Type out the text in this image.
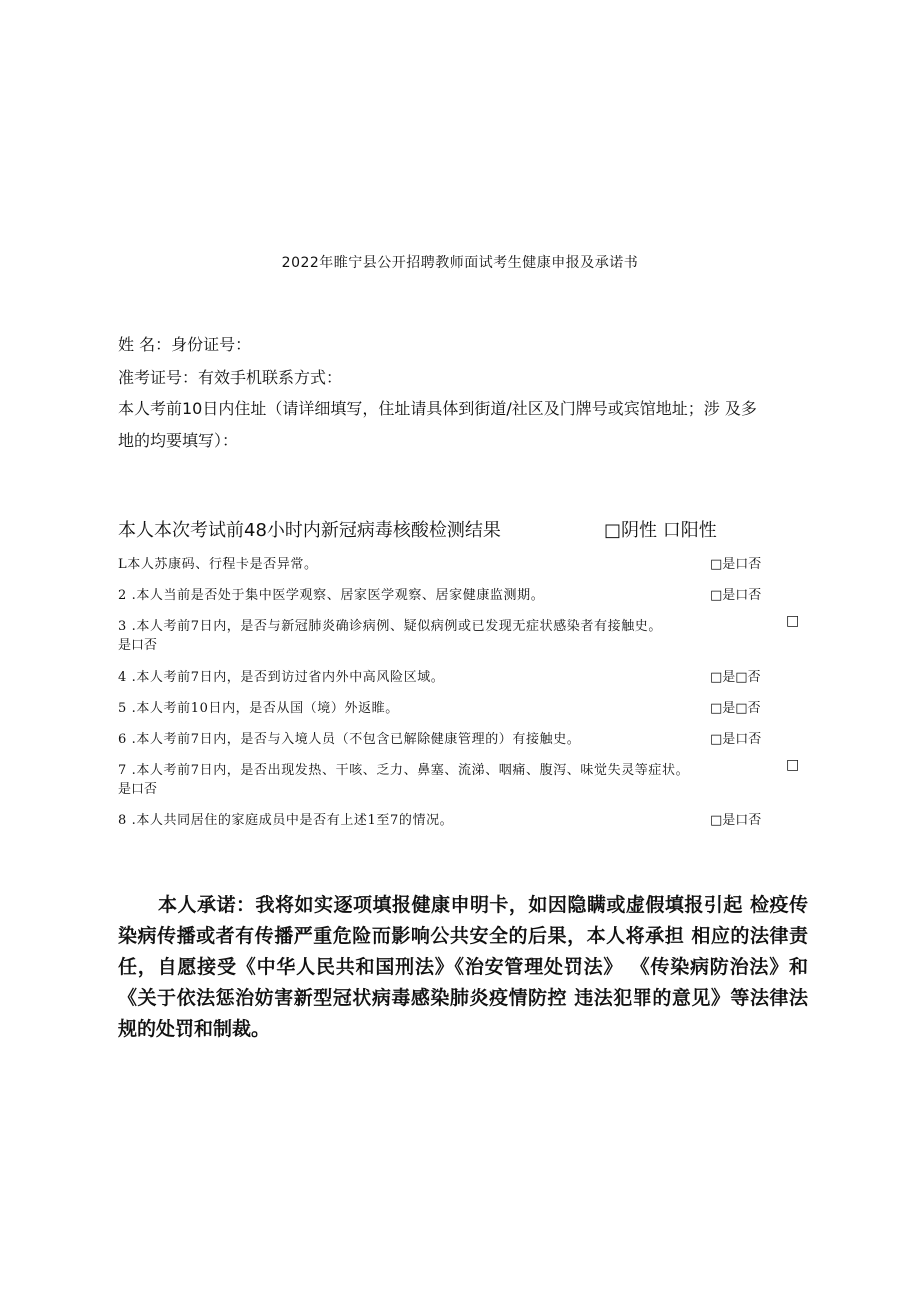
2022年睢宁县公开招聘教师面试考生健康申报及承诺书
姓 名：身份证号：
准考证号：有效手机联系方式：
本人考前10日内住址（请详细填写，住址请具体到街道/社区及门牌号或宾馆地址；涉 及多
地的均要填写）：
本人本次考试前48小时内新冠病毒核酸检测结果	□阴性 口阳性
L本人苏康码、行程卡是否异常。	□是口否
2 .本人当前是否处于集中医学观察、居家医学观察、居家健康监测期。	□是口否
3 .本人考前7日内，是否与新冠肺炎确诊病例、疑似病例或已发现无症状感染者有接触史。	□
是口否
4 .本人考前7日内，是否到访过省内外中高风险区域。	□是□否
5 .本人考前10日内，是否从国（境）外返睢。	□是□否
6 .本人考前7日内，是否与入境人员（不包含已解除健康管理的）有接触史。	□是口否
7 .本人考前7日内，是否出现发热、干咳、乏力、鼻塞、流涕、咽痛、腹泻、味觉失灵等症状。	□
是口否
8 .本人共同居住的家庭成员中是否有上述1至7的情况。	□是口否
本人承诺：我将如实逐项填报健康申明卡，如因隐瞒或虚假填报引起 检疫传染病传播或者有传播严重危险而影响公共安全的后果，本人将承担 相应的法律责任，自愿接受《中华人民共和国刑法》《治安管理处罚法》 《传染病防治法》和《关于依法惩治妨害新型冠状病毒感染肺炎疫情防控 违法犯罪的意见》等法律法规的处罚和制裁。
